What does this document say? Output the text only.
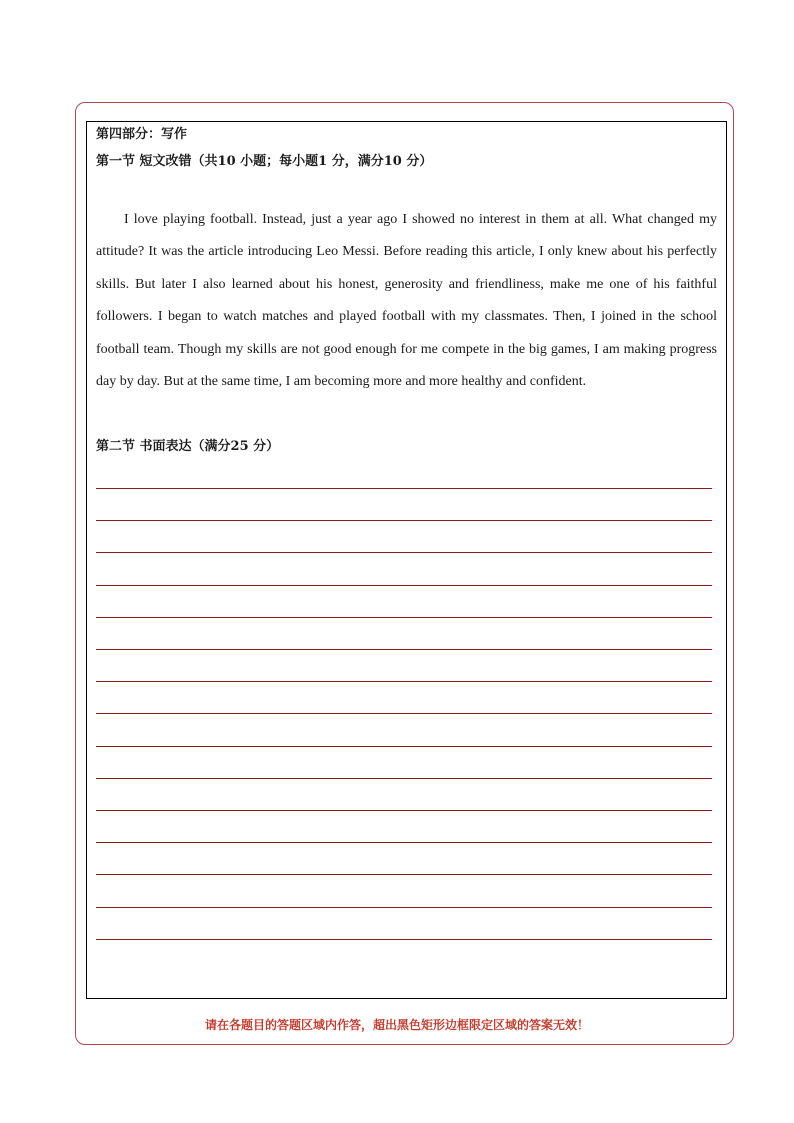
第四部分：写作
第一节 短文改错（共10 小题；每小题1 分，满分10 分）

I love playing football. Instead, just a year ago I showed no interest in them at all. What changed my attitude? It was the article introducing Leo Messi. Before reading this article, I only knew about his perfectly skills. But later I also learned about his honest, generosity and friendliness, make me one of his faithful followers. I began to watch matches and played football with my classmates. Then, I joined in the school football team. Though my skills are not good enough for me compete in the big games, I am making progress day by day. But at the same time, I am becoming more and more healthy and confident.

第二节 书面表达（满分25 分）
请在各题目的答题区域内作答，超出黑色矩形边框限定区域的答案无效！
